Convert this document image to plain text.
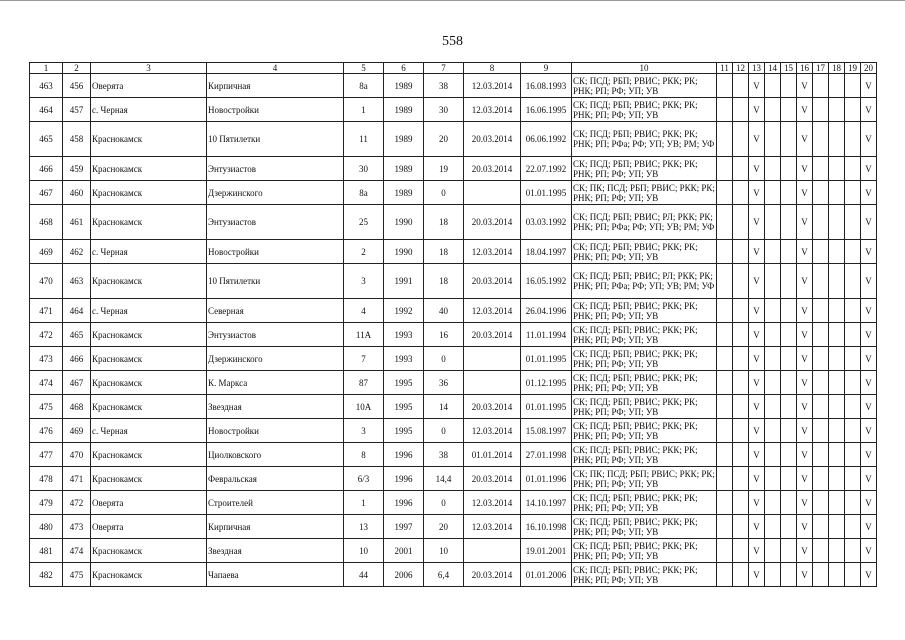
558
1	2	3	4	5	6	7	8	9	10	11	12	13	14	15	16	17	18	19	20
463	456	Оверята	Кирпичная	8а	1989	38	12.03.2014	16.08.1993	СК; ПСД; РБП; РВИС; РКК; РК; РНК; РП; РФ; УП; УВ			V			V				V
464	457	с. Черная	Новостройки	1	1989	30	12.03.2014	16.06.1995	СК; ПСД; РБП; РВИС; РКК; РК; РНК; РП; РФ; УП; УВ			V			V				V
465	458	Краснокамск	10 Пятилетки	11	1989	20	20.03.2014	06.06.1992	СК; ПСД; РБП; РВИС; РКК; РК; РНК; РП; РФа; РФ; УП; УВ; РМ; УФ			V			V				V
466	459	Краснокамск	Энтузиастов	30	1989	19	20.03.2014	22.07.1992	СК; ПСД; РБП; РВИС; РКК; РК; РНК; РП; РФ; УП; УВ			V			V				V
467	460	Краснокамск	Дзержинского	8а	1989	0		01.01.1995	СК; ПК; ПСД; РБП; РВИС; РКК; РК; РНК; РП; РФ; УП; УВ			V			V				V
468	461	Краснокамск	Энтузиастов	25	1990	18	20.03.2014	03.03.1992	СК; ПСД; РБП; РВИС; РЛ; РКК; РК; РНК; РП; РФа; РФ; УП; УВ; РМ; УФ			V			V				V
469	462	с. Черная	Новостройки	2	1990	18	12.03.2014	18.04.1997	СК; ПСД; РБП; РВИС; РКК; РК; РНК; РП; РФ; УП; УВ			V			V				V
470	463	Краснокамск	10 Пятилетки	3	1991	18	20.03.2014	16.05.1992	СК; ПСД; РБП; РВИС; РЛ; РКК; РК; РНК; РП; РФа; РФ; УП; УВ; РМ; УФ			V			V				V
471	464	с. Черная	Северная	4	1992	40	12.03.2014	26.04.1996	СК; ПСД; РБП; РВИС; РКК; РК; РНК; РП; РФ; УП; УВ			V			V				V
472	465	Краснокамск	Энтузиастов	11А	1993	16	20.03.2014	11.01.1994	СК; ПСД; РБП; РВИС; РКК; РК; РНК; РП; РФ; УП; УВ			V			V				V
473	466	Краснокамск	Дзержинского	7	1993	0		01.01.1995	СК; ПСД; РБП; РВИС; РКК; РК; РНК; РП; РФ; УП; УВ			V			V				V
474	467	Краснокамск	К. Маркса	87	1995	36		01.12.1995	СК; ПСД; РБП; РВИС; РКК; РК; РНК; РП; РФ; УП; УВ			V			V				V
475	468	Краснокамск	Звездная	10А	1995	14	20.03.2014	01.01.1995	СК; ПСД; РБП; РВИС; РКК; РК; РНК; РП; РФ; УП; УВ			V			V				V
476	469	с. Черная	Новостройки	3	1995	0	12.03.2014	15.08.1997	СК; ПСД; РБП; РВИС; РКК; РК; РНК; РП; РФ; УП; УВ			V			V				V
477	470	Краснокамск	Циолковского	8	1996	38	01.01.2014	27.01.1998	СК; ПСД; РБП; РВИС; РКК; РК; РНК; РП; РФ; УП; УВ			V			V				V
478	471	Краснокамск	Февральская	6/3	1996	14,4	20.03.2014	01.01.1996	СК; ПК; ПСД; РБП; РВИС; РКК; РК; РНК; РП; РФ; УП; УВ			V			V				V
479	472	Оверята	Строителей	1	1996	0	12.03.2014	14.10.1997	СК; ПСД; РБП; РВИС; РКК; РК; РНК; РП; РФ; УП; УВ			V			V				V
480	473	Оверята	Кирпичная	13	1997	20	12.03.2014	16.10.1998	СК; ПСД; РБП; РВИС; РКК; РК; РНК; РП; РФ; УП; УВ			V			V				V
481	474	Краснокамск	Звездная	10	2001	10		19.01.2001	СК; ПСД; РБП; РВИС; РКК; РК; РНК; РП; РФ; УП; УВ			V			V				V
482	475	Краснокамск	Чапаева	44	2006	6,4	20.03.2014	01.01.2006	СК; ПСД; РБП; РВИС; РКК; РК; РНК; РП; РФ; УП; УВ			V			V				V
